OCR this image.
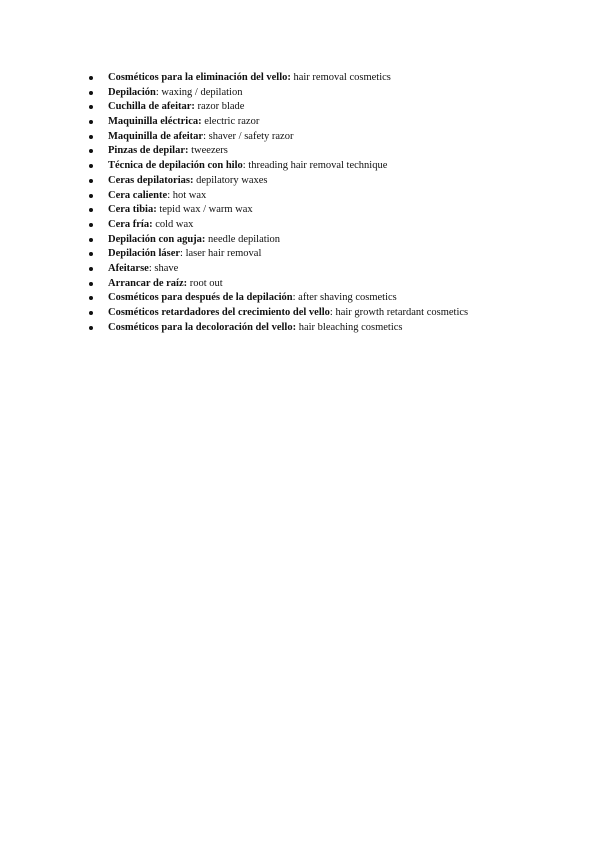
Cosméticos para la eliminación del vello: hair removal cosmetics
Depilación: waxing / depilation
Cuchilla de afeitar: razor blade
Maquinilla eléctrica: electric razor
Maquinilla de afeitar: shaver / safety razor
Pinzas de depilar: tweezers
Técnica de depilación con hilo: threading hair removal technique
Ceras depilatorias: depilatory waxes
Cera caliente: hot wax
Cera tibia: tepid wax / warm wax
Cera fría: cold wax
Depilación con aguja: needle depilation
Depilación láser: laser hair removal
Afeitarse: shave
Arrancar de raíz: root out
Cosméticos para después de la depilación: after shaving cosmetics
Cosméticos retardadores del crecimiento del vello: hair growth retardant cosmetics
Cosméticos para la decoloración del vello: hair bleaching cosmetics
